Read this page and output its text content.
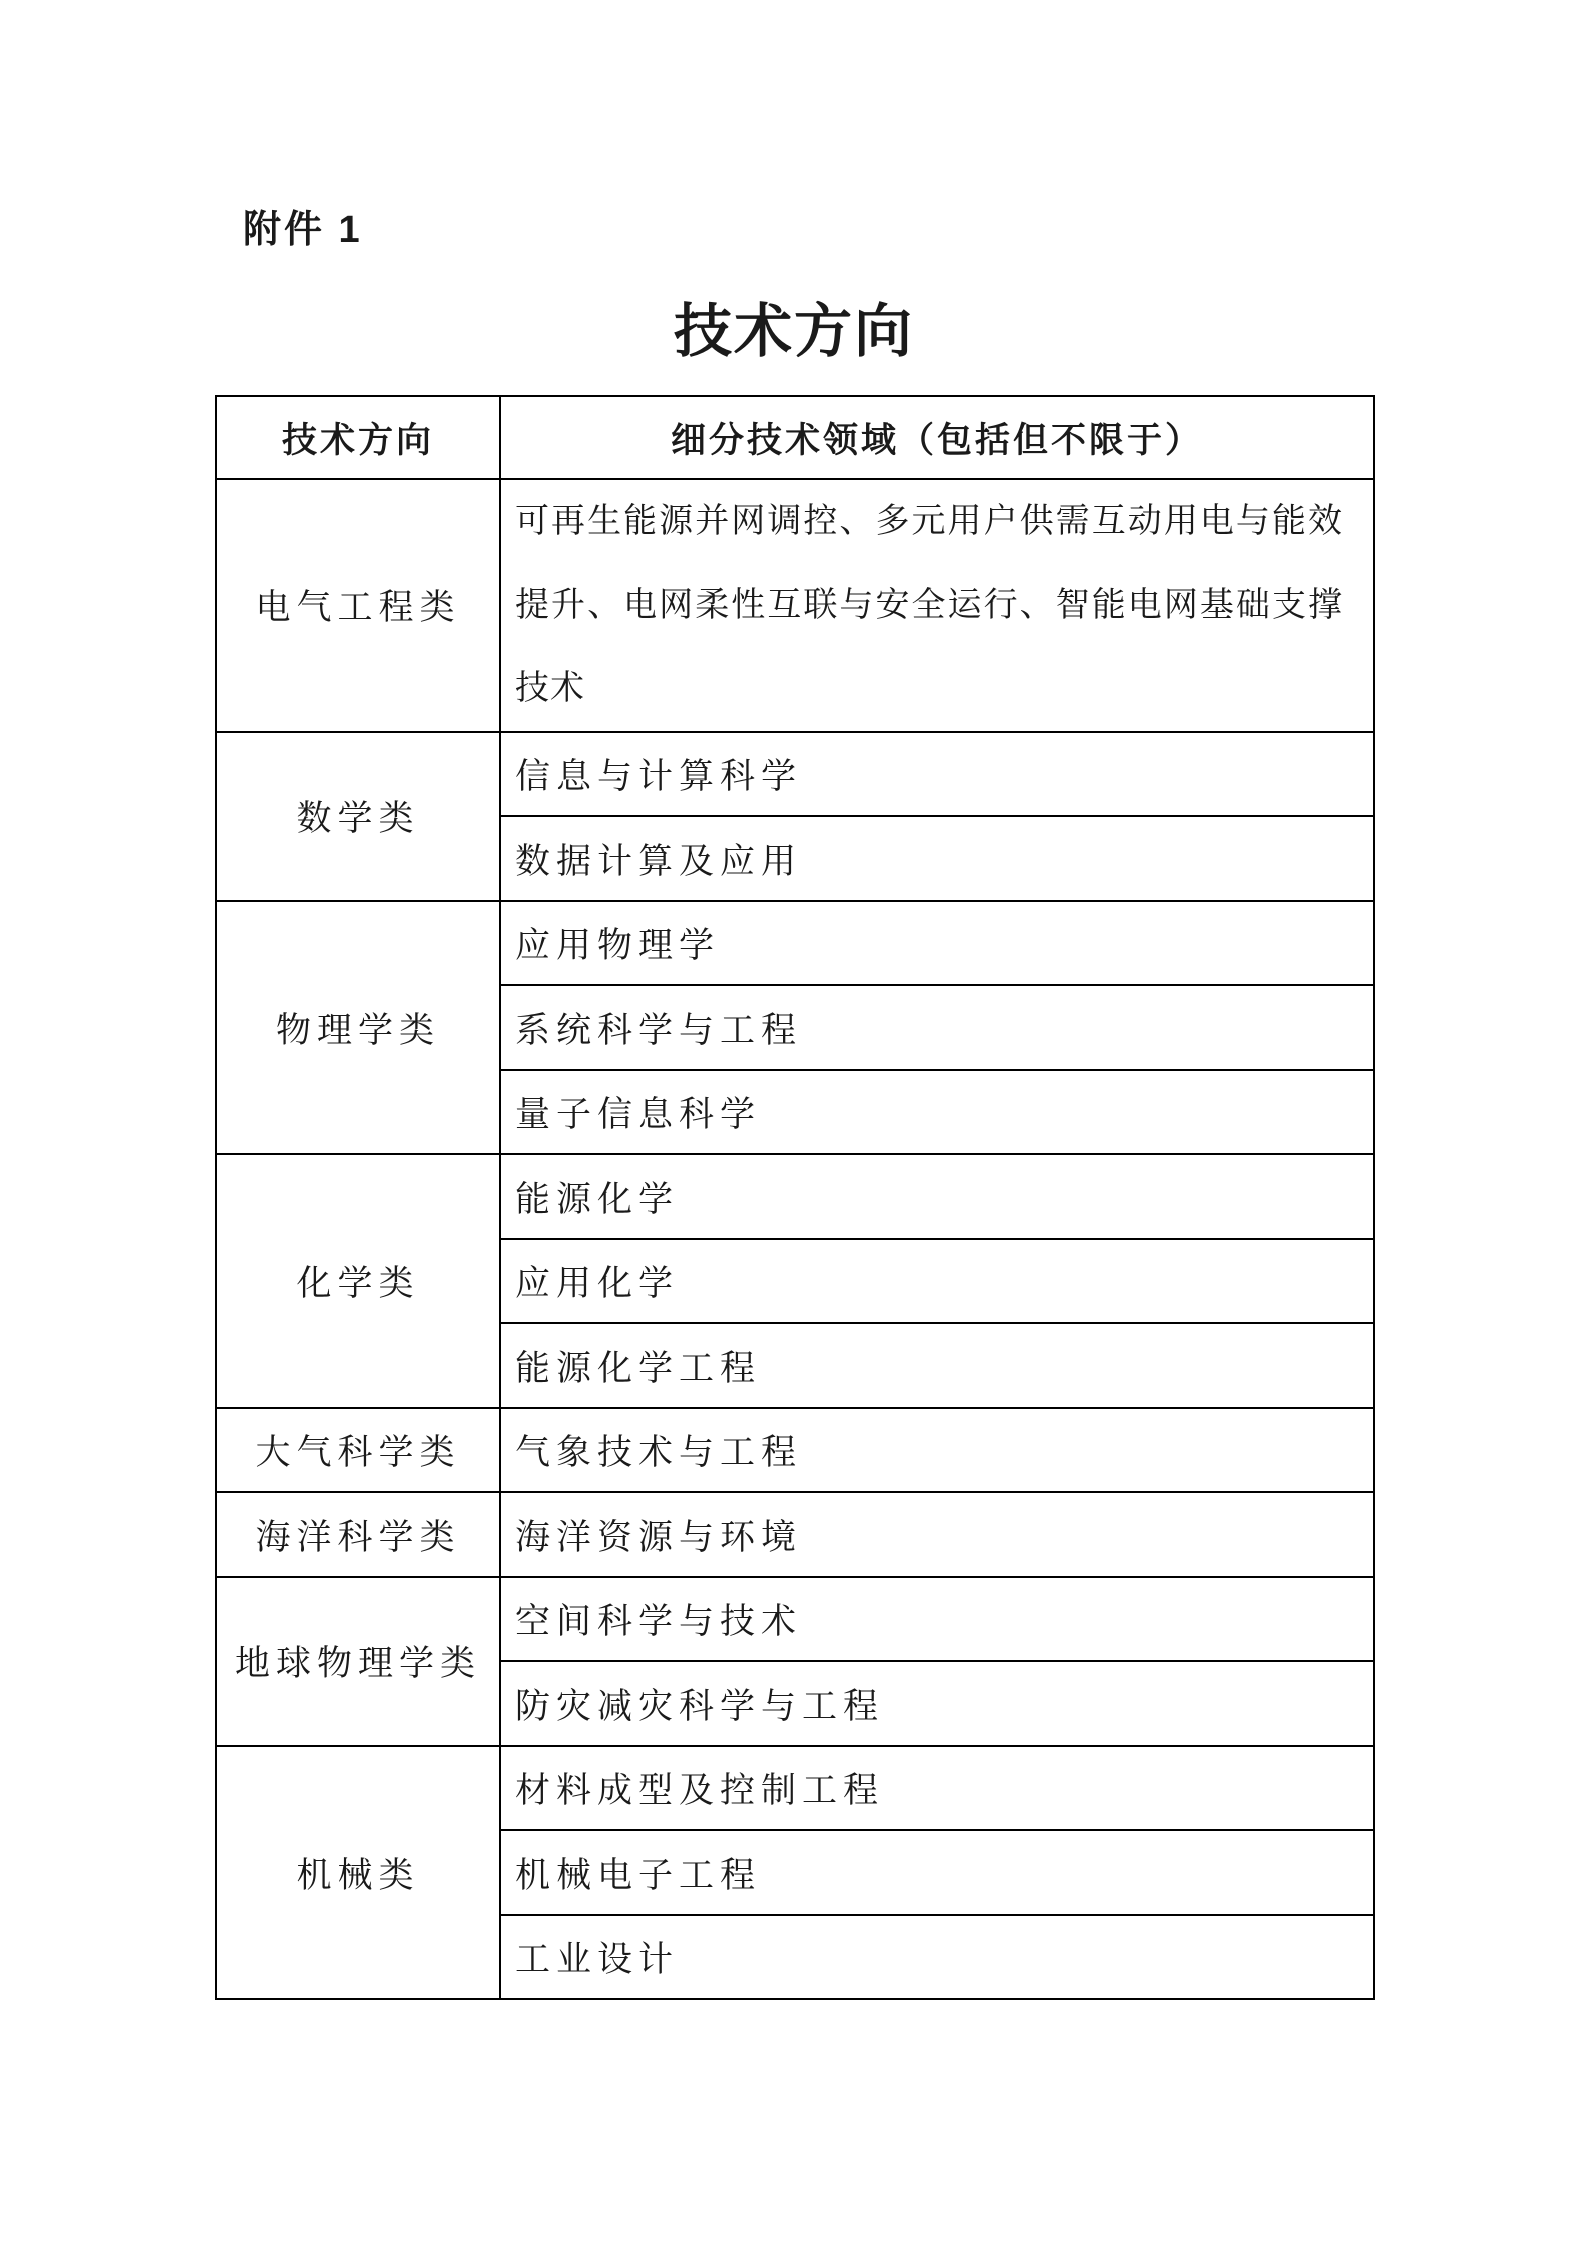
附件 1
技术方向
技术方向	细分技术领域（包括但不限于）
电气工程类	可再生能源并网调控、多元用户供需互动用电与能效
提升、电网柔性互联与安全运行、智能电网基础支撑
技术

数学类	信息与计算科学
	数据计算及应用
物理学类	应用物理学
	系统科学与工程
	量子信息科学
化学类	能源化学
	应用化学
	能源化学工程
大气科学类	气象技术与工程
海洋科学类	海洋资源与环境
地球物理学类	空间科学与技术
	防灾减灾科学与工程
机械类	材料成型及控制工程
	机械电子工程
	工业设计
